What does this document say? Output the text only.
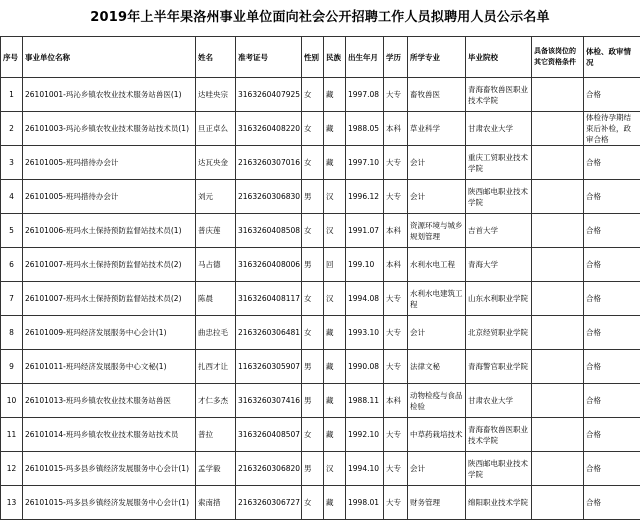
2019年上半年果洛州事业单位面向社会公开招聘工作人员拟聘用人员公示名单
序号	事业单位名称	姓名	准考证号	性别	民族	出生年月	学历	所学专业	毕业院校	具备该岗位的其它资格条件	体检、政审情况
1	26101001-玛沁乡镇农牧业技术服务站兽医(1)	达哇央宗	3163260407925	女	藏	1997.08	大专	畜牧兽医	青海畜牧兽医职业技术学院		合格
2	26101003-玛沁乡镇农牧业技术服务站技术员(1)	旦正卓么	3163260408220	女	藏	1988.05	本科	草业科学	甘肃农业大学		体检待孕期结束后补检，政审合格
3	26101005-班玛措待办会计	达瓦央金	2163260307016	女	藏	1997.10	大专	会计	重庆工贸职业技术学院		合格
4	26101005-班玛措待办会计	刘元	2163260306830	男	汉	1996.12	大专	会计	陕西邮电职业技术学院		合格
5	26101006-班玛水土保持预防监督站技术员(1)	普庆莲	3163260408508	女	汉	1991.07	本科	资源环境与城乡规划管理	吉首大学		合格
6	26101007-班玛水土保持预防监督站技术员(2)	马占德	3163260408006	男	回	199.10	本科	水利水电工程	青海大学		合格
7	26101007-班玛水土保持预防监督站技术员(2)	陈晨	3163260408117	女	汉	1994.08	大专	水利水电建筑工程	山东水利职业学院		合格
8	26101009-班玛经济发展服务中心会计(1)	曲忠拉毛	2163260306481	女	藏	1993.10	大专	会计	北京经贸职业学院		合格
9	26101011-班玛经济发展服务中心文秘(1)	扎西才让	1163260305907	男	藏	1990.08	大专	法律文秘	青海警官职业学院		合格
10	26101013-班玛乡镇农牧业技术服务站兽医	才仁多杰	3163260307416	男	藏	1988.11	本科	动物检疫与食品检验	甘肃农业大学		合格
11	26101014-班玛乡镇农牧业技术服务站技术员	普拉	3163260408507	女	藏	1992.10	大专	中草药栽培技术	青海畜牧兽医职业技术学院		合格
12	26101015-玛多县乡镇经济发展服务中心会计(1)	孟学毅	2163260306820	男	汉	1994.10	大专	会计	陕西邮电职业技术学院		合格
13	26101015-玛多县乡镇经济发展服务中心会计(1)	索南措	2163260306727	女	藏	1998.01	大专	财务管理	绵阳职业技术学院		合格
